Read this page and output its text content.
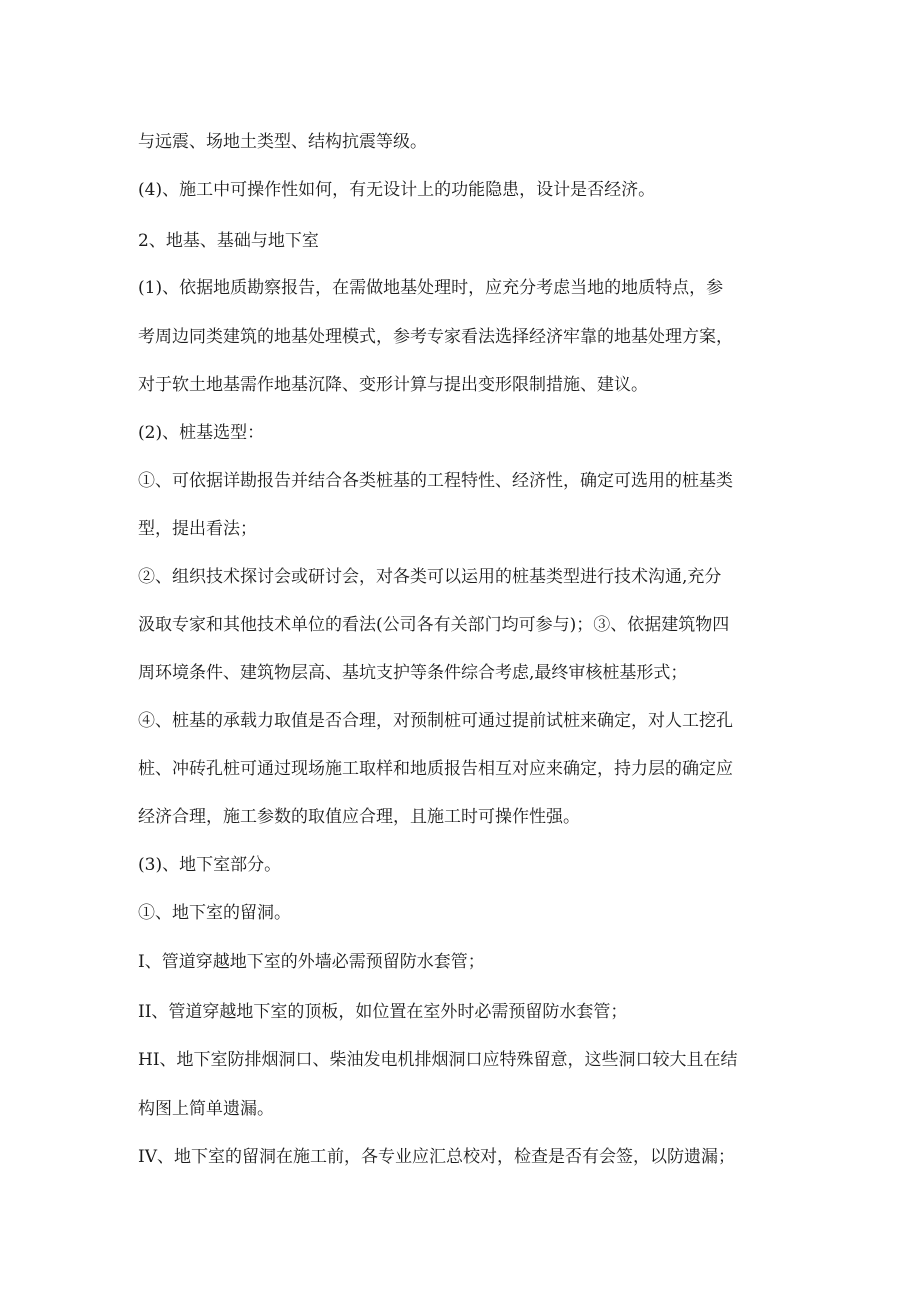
与远震、场地土类型、结构抗震等级。
(4)、施工中可操作性如何，有无设计上的功能隐患，设计是否经济。
2、地基、基础与地下室
(1)、依据地质勘察报告，在需做地基处理时，应充分考虑当地的地质特点，参
考周边同类建筑的地基处理模式，参考专家看法选择经济牢靠的地基处理方案，
对于软土地基需作地基沉降、变形计算与提出变形限制措施、建议。
(2)、桩基选型：
①、可依据详勘报告并结合各类桩基的工程特性、经济性，确定可选用的桩基类
型，提出看法；
②、组织技术探讨会或研讨会，对各类可以运用的桩基类型进行技术沟通,充分
汲取专家和其他技术单位的看法(公司各有关部门均可参与)；③、依据建筑物四
周环境条件、建筑物层高、基坑支护等条件综合考虑,最终审核桩基形式；
④、桩基的承载力取值是否合理，对预制桩可通过提前试桩来确定，对人工挖孔
桩、冲砖孔桩可通过现场施工取样和地质报告相互对应来确定，持力层的确定应
经济合理，施工参数的取值应合理，且施工时可操作性强。
(3)、地下室部分。
①、地下室的留洞。
I、管道穿越地下室的外墙必需预留防水套管；
II、管道穿越地下室的顶板，如位置在室外时必需预留防水套管；
HI、地下室防排烟洞口、柴油发电机排烟洞口应特殊留意，这些洞口较大且在结
构图上简单遗漏。
IV、地下室的留洞在施工前，各专业应汇总校对，检查是否有会签，以防遗漏；
